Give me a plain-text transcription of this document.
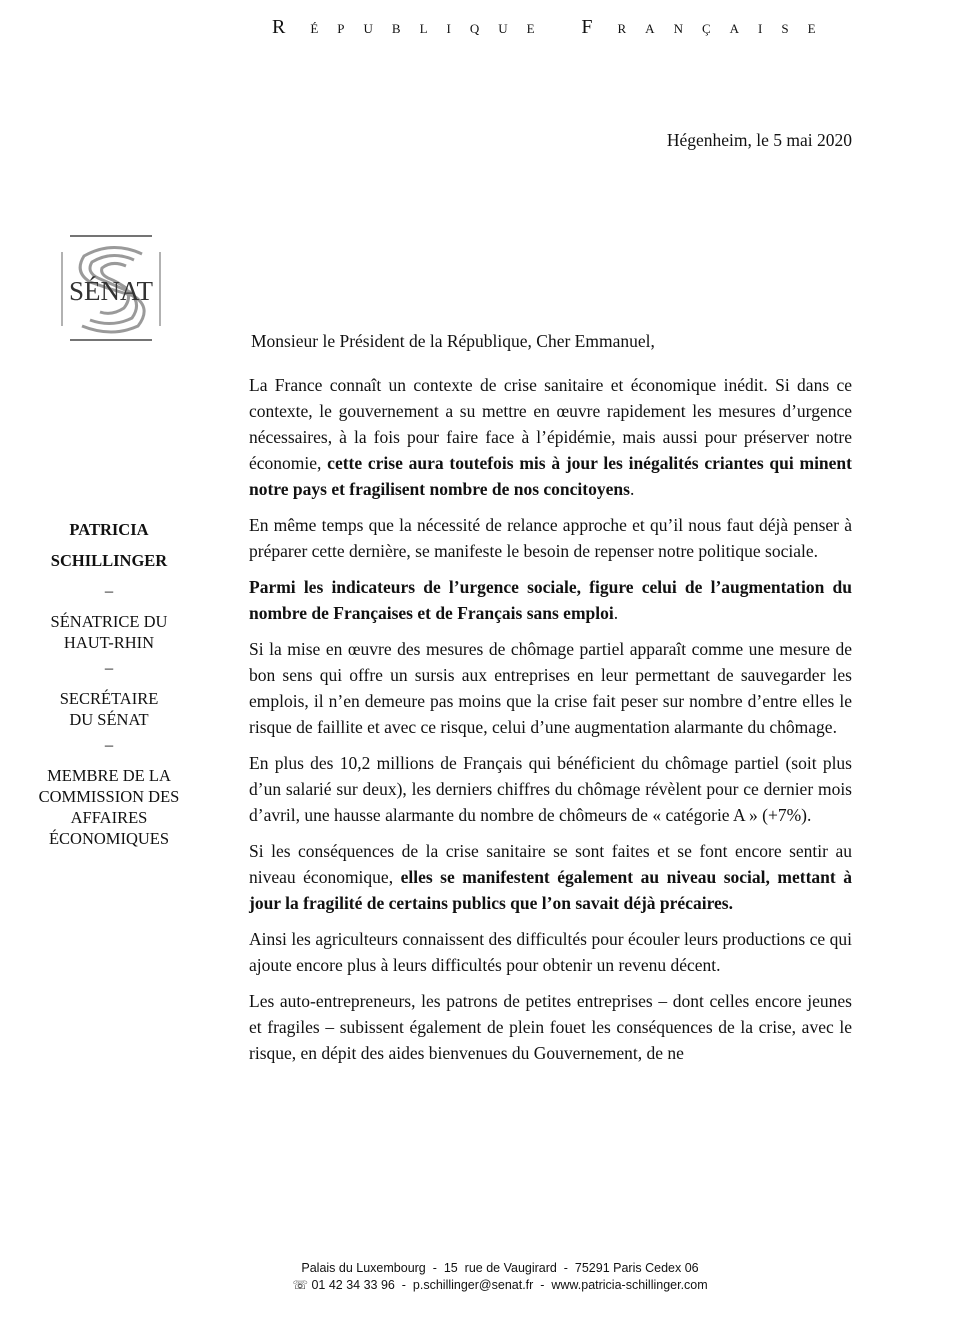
R É P U B L I Q U E F R A N Ç A I S E
Hégenheim, le 5 mai 2020
SÉNAT
PATRICIA
SCHILLINGER
–
SÉNATRICE DU
HAUT-RHIN
–
SECRÉTAIRE
DU SÉNAT
–
MEMBRE DE LA
COMMISSION DES
AFFAIRES
ÉCONOMIQUES
Monsieur le Président de la République, Cher Emmanuel,

La France connaît un contexte de crise sanitaire et économique inédit. Si dans ce contexte, le gouvernement a su mettre en œuvre rapidement les mesures d’urgence nécessaires, à la fois pour faire face à l’épidémie, mais aussi pour préserver notre économie, cette crise aura toutefois mis à jour les inégalités criantes qui minent notre pays et fragilisent nombre de nos concitoyens.

En même temps que la nécessité de relance approche et qu’il nous faut déjà penser à préparer cette dernière, se manifeste le besoin de repenser notre politique sociale.

Parmi les indicateurs de l’urgence sociale, figure celui de l’augmentation du nombre de Françaises et de Français sans emploi.

Si la mise en œuvre des mesures de chômage partiel apparaît comme une mesure de bon sens qui offre un sursis aux entreprises en leur permettant de sauvegarder les emplois, il n’en demeure pas moins que la crise fait peser sur nombre d’entre elles le risque de faillite et avec ce risque, celui d’une augmentation alarmante du chômage.

En plus des 10,2 millions de Français qui bénéficient du chômage partiel (soit plus d’un salarié sur deux), les derniers chiffres du chômage révèlent pour ce dernier mois d’avril, une hausse alarmante du nombre de chômeurs de « catégorie A » (+7%).

Si les conséquences de la crise sanitaire se sont faites et se font encore sentir au niveau économique, elles se manifestent également au niveau social, mettant à jour la fragilité de certains publics que l’on savait déjà précaires.

Ainsi les agriculteurs connaissent des difficultés pour écouler leurs productions ce qui ajoute encore plus à leurs difficultés pour obtenir un revenu décent.

Les auto-entrepreneurs, les patrons de petites entreprises – dont celles encore jeunes et fragiles – subissent également de plein fouet les conséquences de la crise, avec le risque, en dépit des aides bienvenues du Gouvernement, de ne

Palais du Luxembourg  -  15  rue de Vaugirard  -  75291 Paris Cedex 06
☏ 01 42 34 33 96  -  p.schillinger@senat.fr  -  www.patricia-schillinger.com
